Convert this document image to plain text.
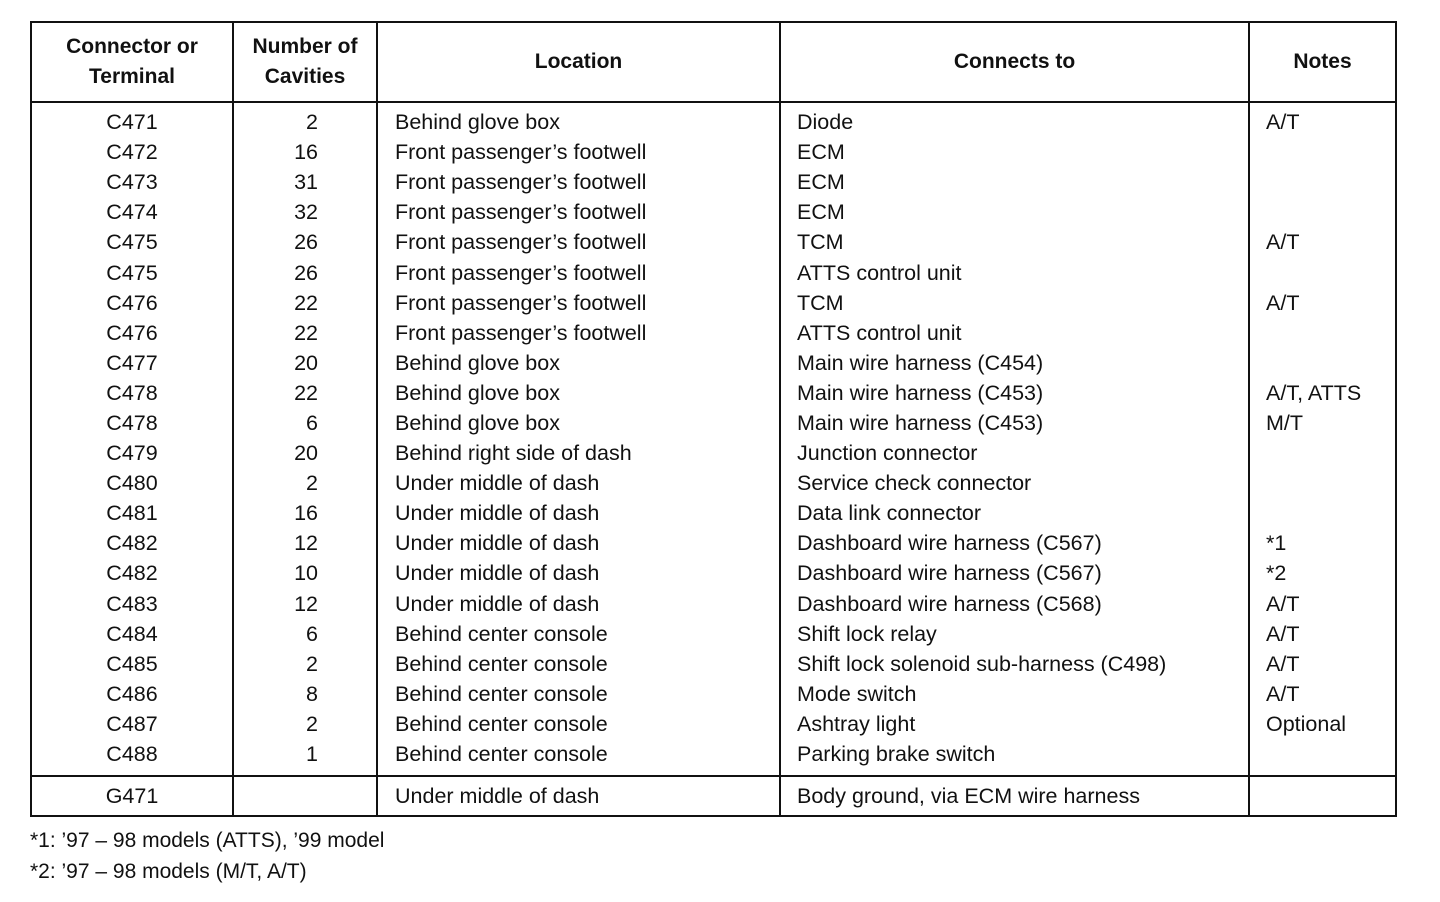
Connector or
Terminal	Number of
Cavities	Location	Connects to	Notes
C471	2	Behind glove box	Diode	A/T
C472	16	Front passenger’s footwell	ECM	
C473	31	Front passenger’s footwell	ECM	
C474	32	Front passenger’s footwell	ECM	
C475	26	Front passenger’s footwell	TCM	A/T
C475	26	Front passenger’s footwell	ATTS control unit	
C476	22	Front passenger’s footwell	TCM	A/T
C476	22	Front passenger’s footwell	ATTS control unit	
C477	20	Behind glove box	Main wire harness (C454)	
C478	22	Behind glove box	Main wire harness (C453)	A/T, ATTS
C478	6	Behind glove box	Main wire harness (C453)	M/T
C479	20	Behind right side of dash	Junction connector	
C480	2	Under middle of dash	Service check connector	
C481	16	Under middle of dash	Data link connector	
C482	12	Under middle of dash	Dashboard wire harness (C567)	*1
C482	10	Under middle of dash	Dashboard wire harness (C567)	*2
C483	12	Under middle of dash	Dashboard wire harness (C568)	A/T
C484	6	Behind center console	Shift lock relay	A/T
C485	2	Behind center console	Shift lock solenoid sub-harness (C498)	A/T
C486	8	Behind center console	Mode switch	A/T
C487	2	Behind center console	Ashtray light	Optional
C488	1	Behind center console	Parking brake switch	
G471		Under middle of dash	Body ground, via ECM wire harness	
*1: ’97 – 98 models (ATTS), ’99 model
*2: ’97 – 98 models (M/T, A/T)
